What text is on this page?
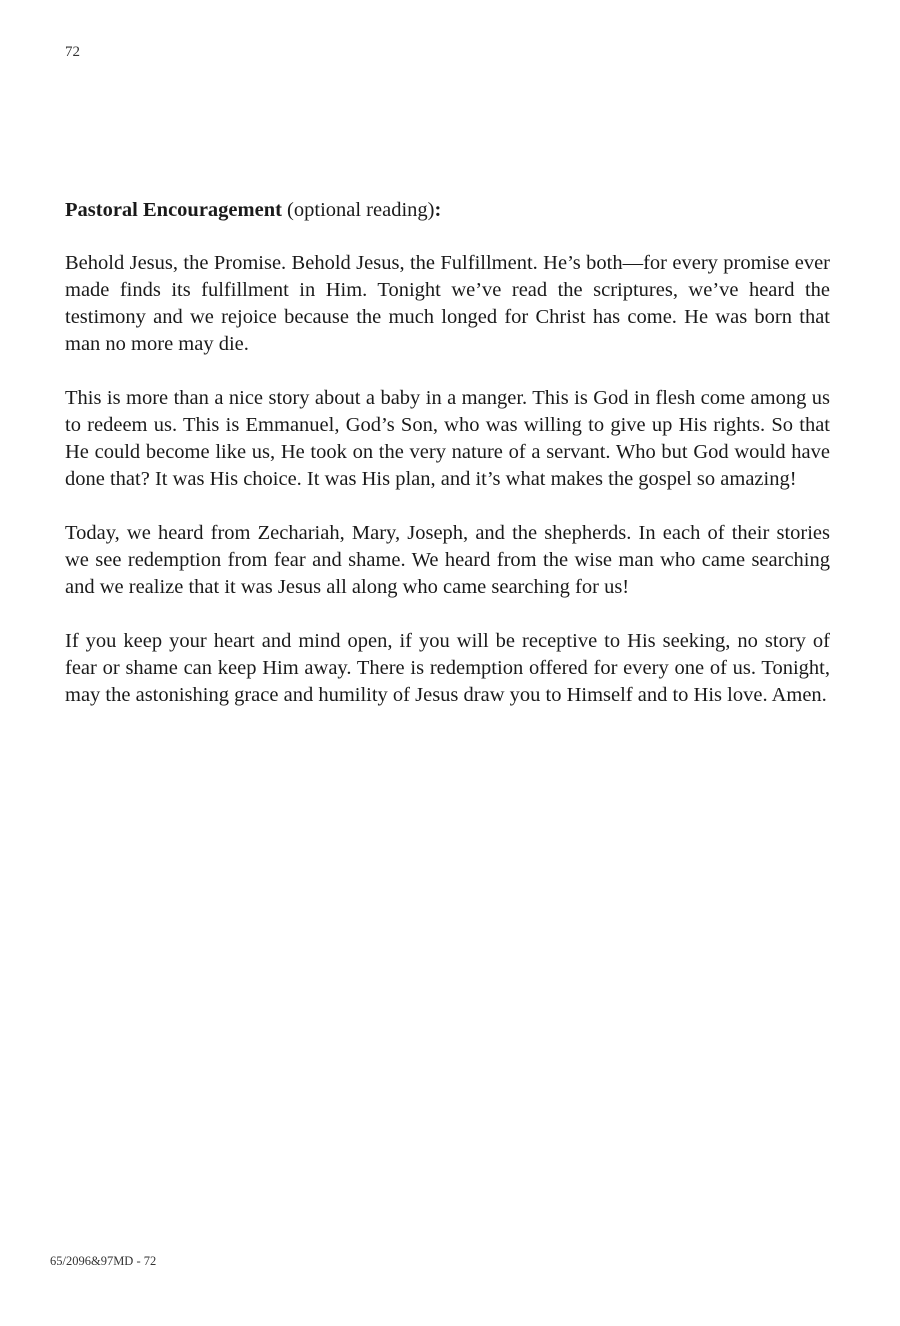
72
Pastoral Encouragement (optional reading):

Behold Jesus, the Promise. Behold Jesus, the Fulfillment. He’s both—for every promise ever made finds its fulfillment in Him. Tonight we’ve read the scriptures, we’ve heard the testimony and we rejoice because the much longed for Christ has come. He was born that man no more may die.

This is more than a nice story about a baby in a manger. This is God in flesh come among us to redeem us. This is Emmanuel, God’s Son, who was willing to give up His rights. So that He could become like us, He took on the very nature of a servant. Who but God would have done that? It was His choice. It was His plan, and it’s what makes the gospel so amazing!

Today, we heard from Zechariah, Mary, Joseph, and the shepherds. In each of their stories we see redemption from fear and shame. We heard from the wise man who came searching and we realize that it was Jesus all along who came searching for us!

If you keep your heart and mind open, if you will be receptive to His seeking, no story of fear or shame can keep Him away. There is redemption offered for every one of us. Tonight, may the astonishing grace and humility of Jesus draw you to Himself and to His love. Amen.

65/2096&97MD - 72
